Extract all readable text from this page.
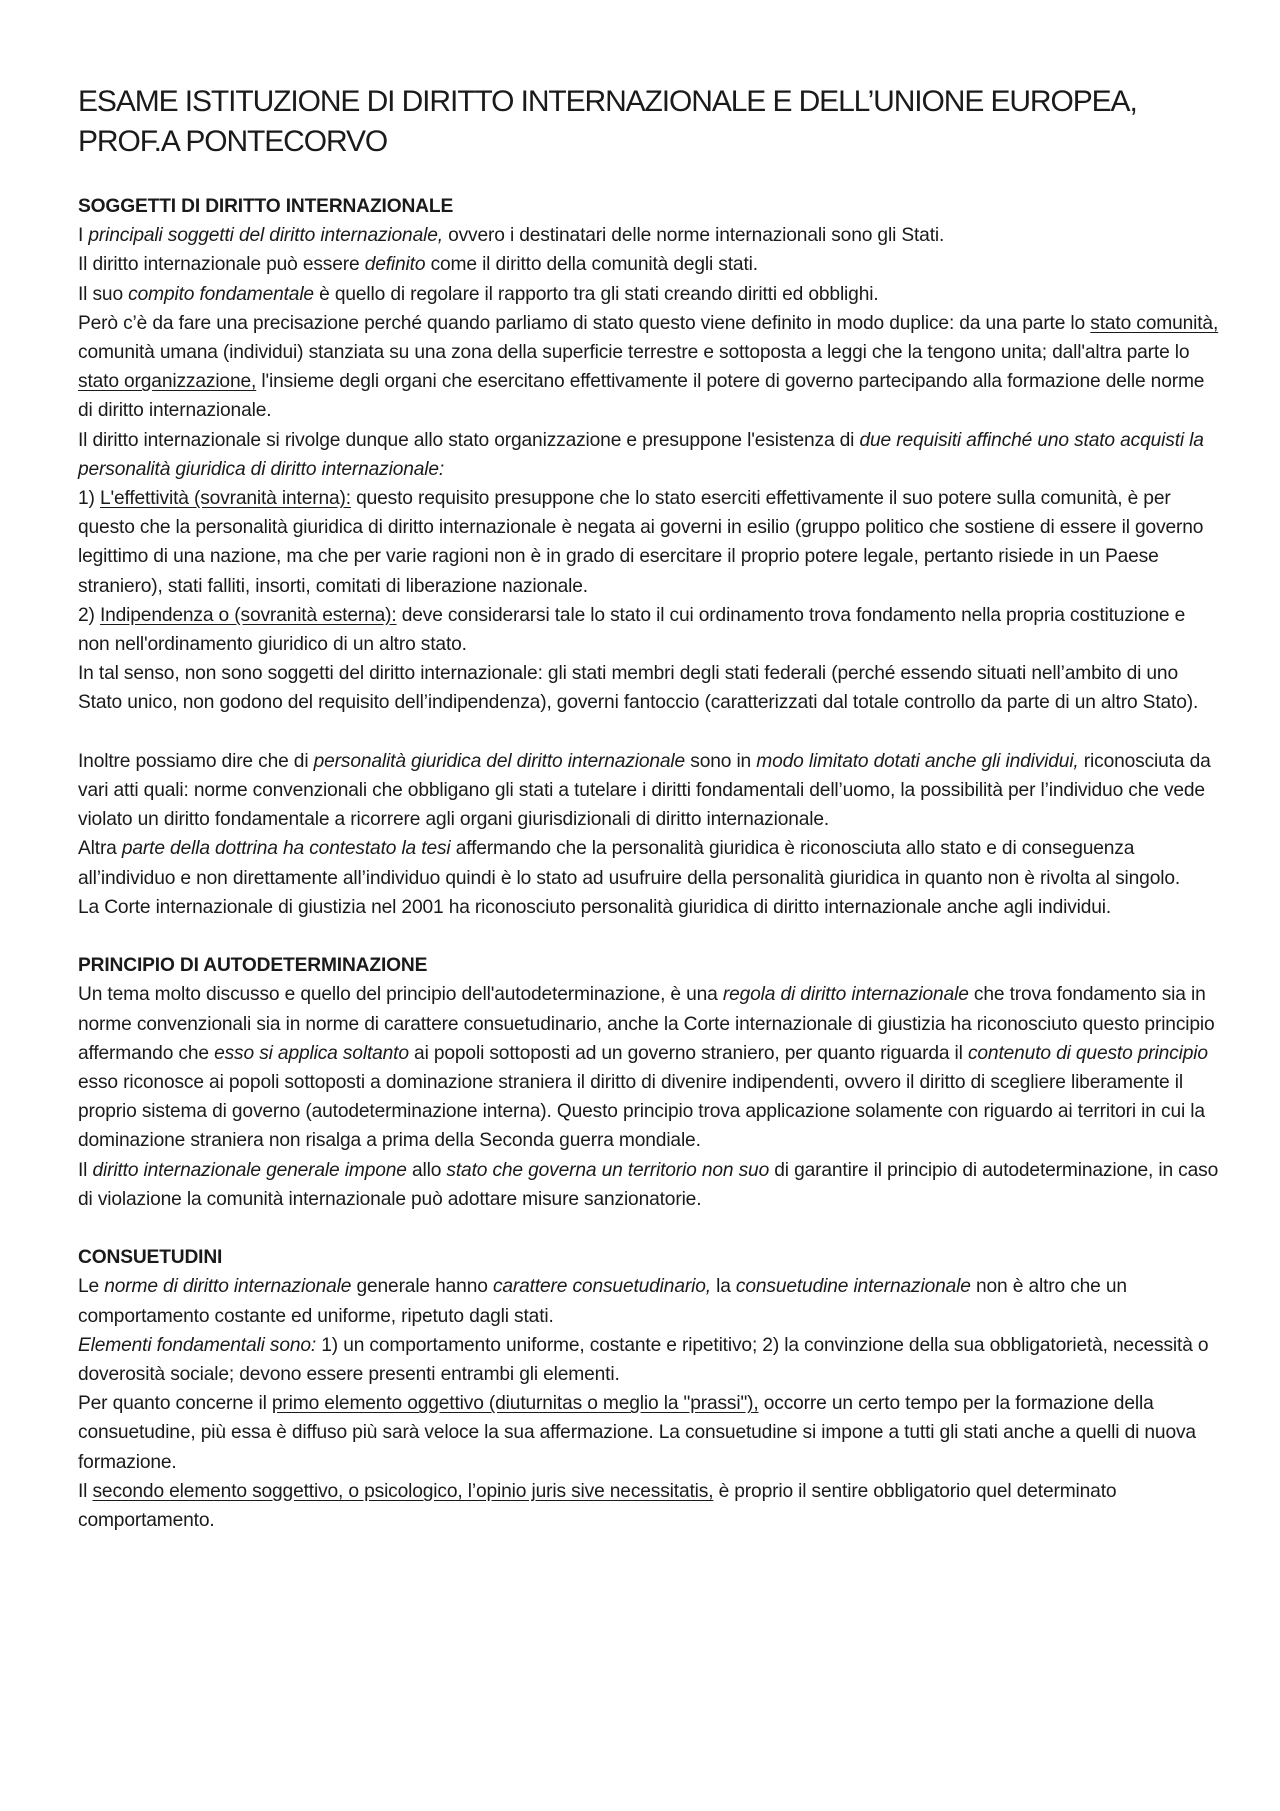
ESAME ISTITUZIONE DI DIRITTO INTERNAZIONALE E DELL’UNIONE EUROPEA, PROF.A PONTECORVO
SOGGETTI DI DIRITTO INTERNAZIONALE

I principali soggetti del diritto internazionale, ovvero i destinatari delle norme internazionali sono gli Stati.

Il diritto internazionale può essere definito come il diritto della comunità degli stati.

Il suo compito fondamentale è quello di regolare il rapporto tra gli stati creando diritti ed obblighi.

Però c’è da fare una precisazione perché quando parliamo di stato questo viene definito in modo duplice: da una parte lo stato comunità, comunità umana (individui) stanziata su una zona della superficie terrestre e sottoposta a leggi che la tengono unita; dall'altra parte lo stato organizzazione, l'insieme degli organi che esercitano effettivamente il potere di governo partecipando alla formazione delle norme di diritto internazionale.

Il diritto internazionale si rivolge dunque allo stato organizzazione e presuppone l'esistenza di due requisiti affinché uno stato acquisti la personalità giuridica di diritto internazionale:

1) L'effettività (sovranità interna): questo requisito presuppone che lo stato eserciti effettivamente il suo potere sulla comunità, è per questo che la personalità giuridica di diritto internazionale è negata ai governi in esilio (gruppo politico che sostiene di essere il governo legittimo di una nazione, ma che per varie ragioni non è in grado di esercitare il proprio potere legale, pertanto risiede in un Paese straniero), stati falliti, insorti, comitati di liberazione nazionale.

2) Indipendenza o (sovranità esterna): deve considerarsi tale lo stato il cui ordinamento trova fondamento nella propria costituzione e non nell'ordinamento giuridico di un altro stato.

In tal senso, non sono soggetti del diritto internazionale: gli stati membri degli stati federali (perché essendo situati nell’ambito di uno Stato unico, non godono del requisito dell’indipendenza), governi fantoccio (caratterizzati dal totale controllo da parte di un altro Stato).

Inoltre possiamo dire che di personalità giuridica del diritto internazionale sono in modo limitato dotati anche gli individui, riconosciuta da vari atti quali: norme convenzionali che obbligano gli stati a tutelare i diritti fondamentali dell’uomo, la possibilità per l’individuo che vede violato un diritto fondamentale a ricorrere agli organi giurisdizionali di diritto internazionale.

Altra parte della dottrina ha contestato la tesi affermando che la personalità giuridica è riconosciuta allo stato e di conseguenza all’individuo e non direttamente all’individuo quindi è lo stato ad usufruire della personalità giuridica in quanto non è rivolta al singolo.

La Corte internazionale di giustizia nel 2001 ha riconosciuto personalità giuridica di diritto internazionale anche agli individui.

PRINCIPIO DI AUTODETERMINAZIONE

Un tema molto discusso e quello del principio dell'autodeterminazione, è una regola di diritto internazionale che trova fondamento sia in norme convenzionali sia in norme di carattere consuetudinario, anche la Corte internazionale di giustizia ha riconosciuto questo principio affermando che esso si applica soltanto ai popoli sottoposti ad un governo straniero, per quanto riguarda il contenuto di questo principio esso riconosce ai popoli sottoposti a dominazione straniera il diritto di divenire indipendenti, ovvero il diritto di scegliere liberamente il proprio sistema di governo (autodeterminazione interna). Questo principio trova applicazione solamente con riguardo ai territori in cui la dominazione straniera non risalga a prima della Seconda guerra mondiale.

Il diritto internazionale generale impone allo stato che governa un territorio non suo di garantire il principio di autodeterminazione, in caso di violazione la comunità internazionale può adottare misure sanzionatorie.

CONSUETUDINI

Le norme di diritto internazionale generale hanno carattere consuetudinario, la consuetudine internazionale non è altro che un comportamento costante ed uniforme, ripetuto dagli stati.

Elementi fondamentali sono: 1) un comportamento uniforme, costante e ripetitivo; 2) la convinzione della sua obbligatorietà, necessità o doverosità sociale; devono essere presenti entrambi gli elementi.

Per quanto concerne il primo elemento oggettivo (diuturnitas o meglio la "prassi"), occorre un certo tempo per la formazione della consuetudine, più essa è diffuso più sarà veloce la sua affermazione. La consuetudine si impone a tutti gli stati anche a quelli di nuova formazione.

Il secondo elemento soggettivo, o psicologico, l’opinio juris sive necessitatis, è proprio il sentire obbligatorio quel determinato comportamento.
